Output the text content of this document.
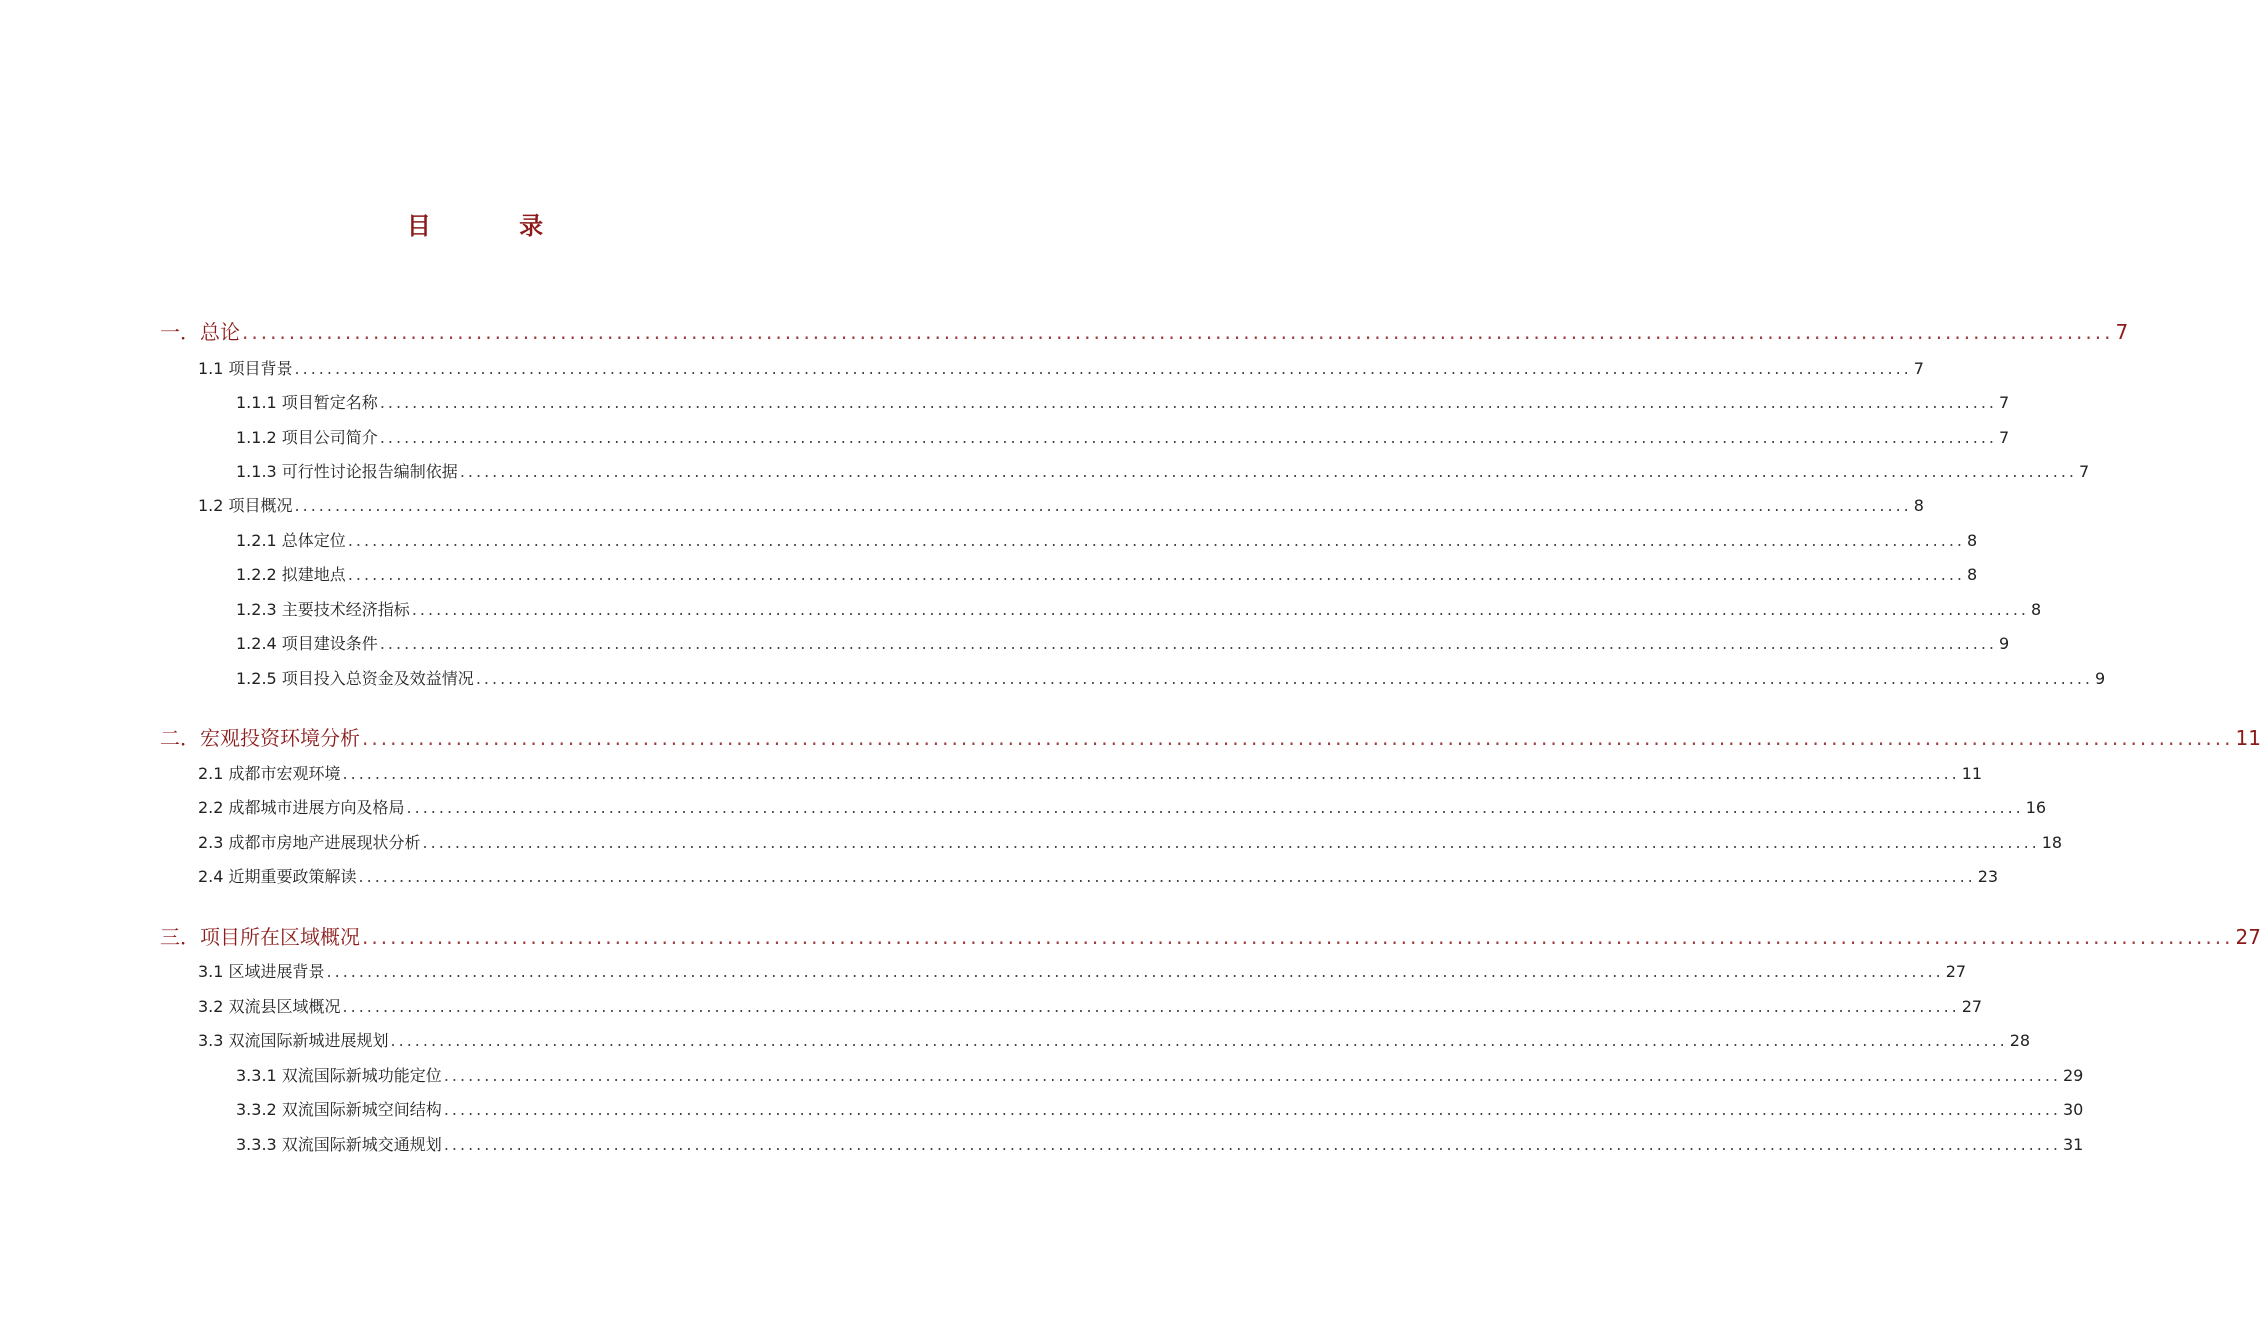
目 录
一．总论 ........................................................................................................................................................................................................ 7
1.1 项目背景 ........................................................................................................................................................................................................ 7
1.1.1 项目暂定名称 ........................................................................................................................................................................................................ 7
1.1.2 项目公司简介 ........................................................................................................................................................................................................ 7
1.1.3 可行性讨论报告编制依据 ........................................................................................................................................................................................................ 7
1.2 项目概况 ........................................................................................................................................................................................................ 8
1.2.1 总体定位 ........................................................................................................................................................................................................ 8
1.2.2 拟建地点 ........................................................................................................................................................................................................ 8
1.2.3 主要技术经济指标 ........................................................................................................................................................................................................ 8
1.2.4 项目建设条件 ........................................................................................................................................................................................................ 9
1.2.5 项目投入总资金及效益情况 ........................................................................................................................................................................................................ 9
二．宏观投资环境分析 ........................................................................................................................................................................................................ 11
2.1 成都市宏观环境 ........................................................................................................................................................................................................ 11
2.2 成都城市进展方向及格局 ........................................................................................................................................................................................................ 16
2.3 成都市房地产进展现状分析 ........................................................................................................................................................................................................ 18
2.4 近期重要政策解读 ........................................................................................................................................................................................................ 23
三．项目所在区域概况 ........................................................................................................................................................................................................ 27
3.1 区域进展背景 ........................................................................................................................................................................................................ 27
3.2 双流县区域概况 ........................................................................................................................................................................................................ 27
3.3 双流国际新城进展规划 ........................................................................................................................................................................................................ 28
3.3.1 双流国际新城功能定位 ........................................................................................................................................................................................................ 29
3.3.2 双流国际新城空间结构 ........................................................................................................................................................................................................ 30
3.3.3 双流国际新城交通规划 ........................................................................................................................................................................................................ 31
